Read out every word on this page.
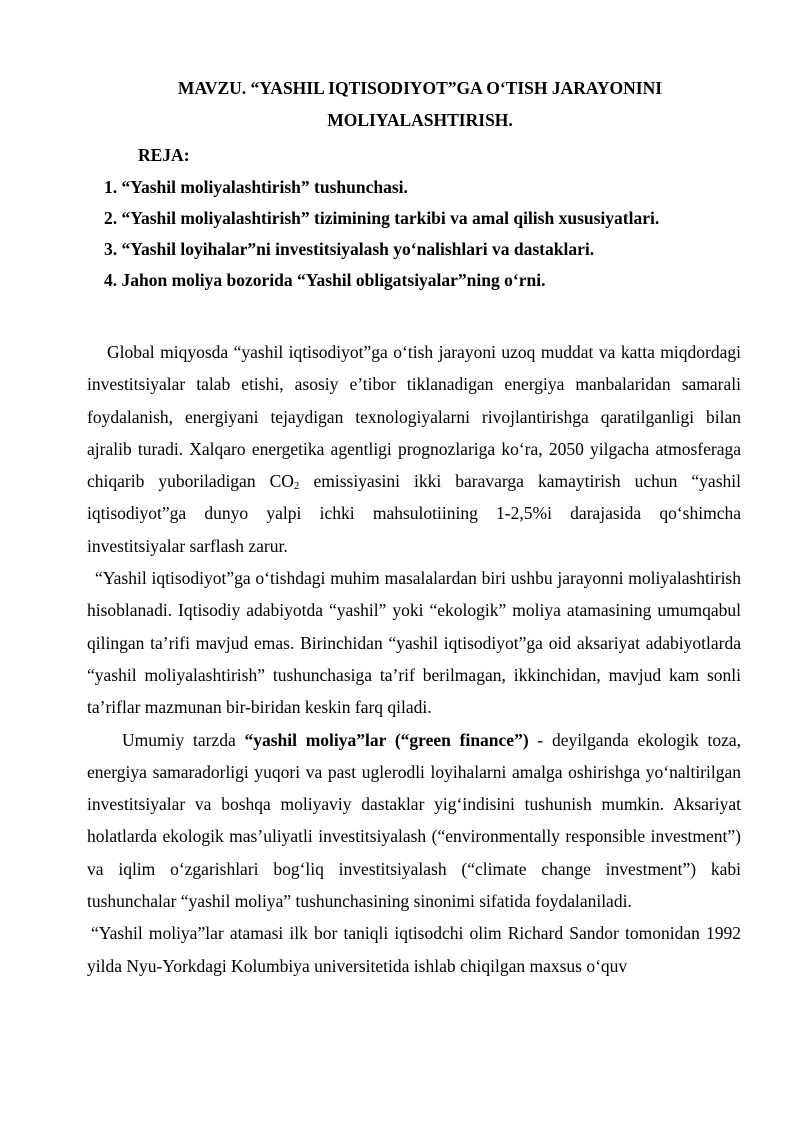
MAVZU. “YASHIL IQTISODIYOT”GA O‘TISH JARAYONINI
MOLIYALASHTIRISH.
REJA:
1. “Yashil moliyalashtirish” tushunchasi.
2. “Yashil moliyalashtirish” tizimining tarkibi va amal qilish xususiyatlari.
3. “Yashil loyihalar”ni investitsiyalash yo‘nalishlari va dastaklari.
4. Jahon moliya bozorida “Yashil obligatsiyalar”ning o‘rni.

Global miqyosda “yashil iqtisodiyot”ga o‘tish jarayoni uzoq muddat va katta miqdordagi investitsiyalar talab etishi, asosiy e’tibor tiklanadigan energiya manbalaridan samarali foydalanish, energiyani tejaydigan texnologiyalarni rivojlantirishga qaratilganligi bilan ajralib turadi. Xalqaro energetika agentligi prognozlariga ko‘ra, 2050 yilgacha atmosferaga chiqarib yuboriladigan $CO_2$ emissiyasini ikki baravarga kamaytirish uchun “yashil iqtisodiyot”ga dunyo yalpi ichki mahsulotiining 1-2,5%i darajasida qo‘shimcha investitsiyalar sarflash zarur.

“Yashil iqtisodiyot”ga o‘tishdagi muhim masalalardan biri ushbu jarayonni moliyalashtirish hisoblanadi. Iqtisodiy adabiyotda “yashil” yoki “ekologik” moliya atamasining umumqabul qilingan ta’rifi mavjud emas. Birinchidan “yashil iqtisodiyot”ga oid aksariyat adabiyotlarda “yashil moliyalashtirish” tushunchasiga ta’rif berilmagan, ikkinchidan, mavjud kam sonli ta’riflar mazmunan bir-biridan keskin farq qiladi.

Umumiy tarzda “yashil moliya”lar (“green finance”) - deyilganda ekologik toza, energiya samaradorligi yuqori va past uglerodli loyihalarni amalga oshirishga yo‘naltirilgan investitsiyalar va boshqa moliyaviy dastaklar yig‘indisini tushunish mumkin. Aksariyat holatlarda ekologik mas’uliyatli investitsiyalash (“environmentally responsible investment”) va iqlim o‘zgarishlari bog‘liq investitsiyalash (“climate change investment”) kabi tushunchalar “yashil moliya” tushunchasining sinonimi sifatida foydalaniladi.

“Yashil moliya”lar atamasi ilk bor taniqli iqtisodchi olim Richard Sandor tomonidan 1992 yilda Nyu-Yorkdagi Kolumbiya universitetida ishlab chiqilgan maxsus o‘quv
